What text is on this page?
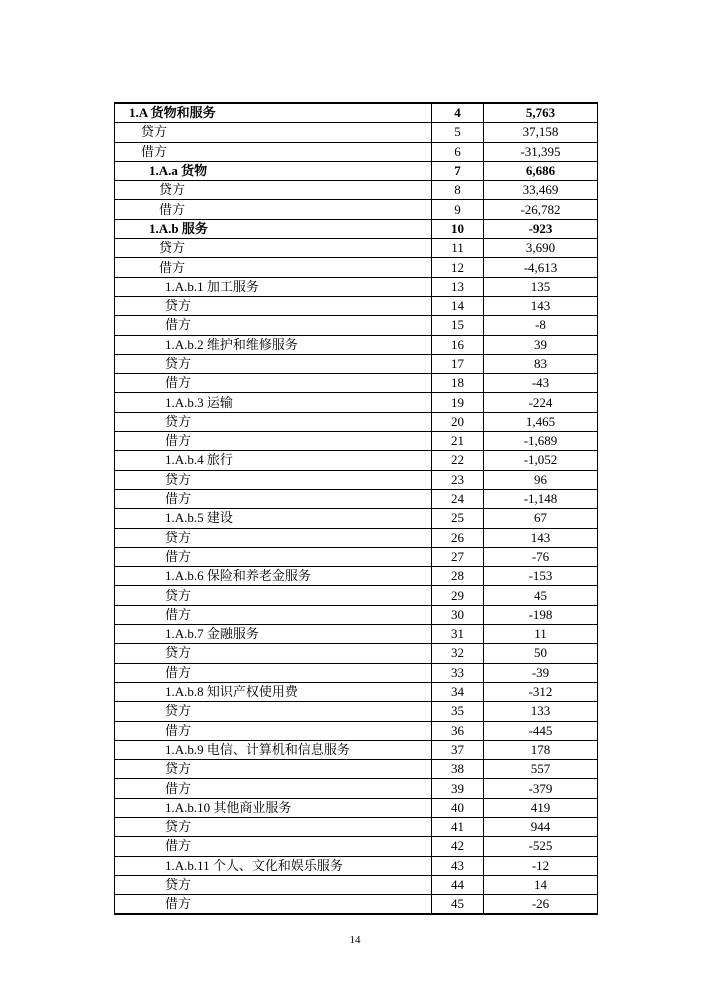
1.A 货物和服务	4	5,763
贷方	5	37,158
借方	6	-31,395
1.A.a 货物	7	6,686
贷方	8	33,469
借方	9	-26,782
1.A.b 服务	10	-923
贷方	11	3,690
借方	12	-4,613
1.A.b.1 加工服务	13	135
贷方	14	143
借方	15	-8
1.A.b.2 维护和维修服务	16	39
贷方	17	83
借方	18	-43
1.A.b.3 运输	19	-224
贷方	20	1,465
借方	21	-1,689
1.A.b.4 旅行	22	-1,052
贷方	23	96
借方	24	-1,148
1.A.b.5 建设	25	67
贷方	26	143
借方	27	-76
1.A.b.6 保险和养老金服务	28	-153
贷方	29	45
借方	30	-198
1.A.b.7 金融服务	31	11
贷方	32	50
借方	33	-39
1.A.b.8 知识产权使用费	34	-312
贷方	35	133
借方	36	-445
1.A.b.9 电信、计算机和信息服务	37	178
贷方	38	557
借方	39	-379
1.A.b.10 其他商业服务	40	419
贷方	41	944
借方	42	-525
1.A.b.11 个人、文化和娱乐服务	43	-12
贷方	44	14
借方	45	-26
14
